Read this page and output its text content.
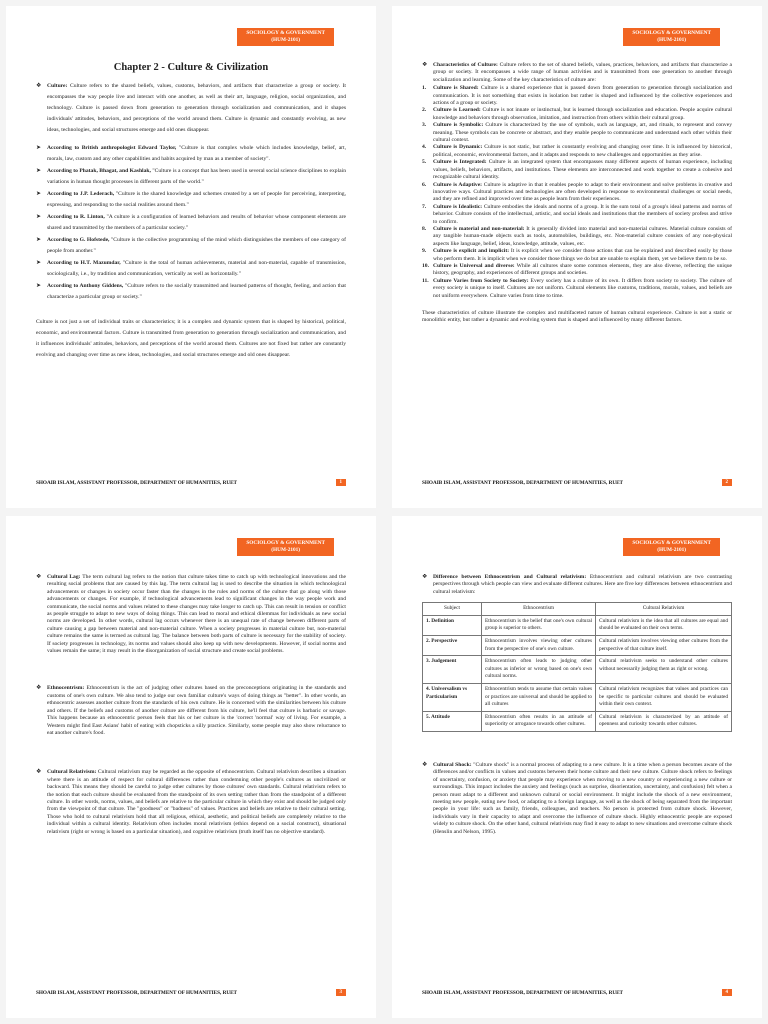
SOCIOLOGY & GOVERNMENT
(HUM-2101)
Chapter 2 - Culture & Civilization
❖ Culture: Culture refers to the shared beliefs, values, customs, behaviors, and artifacts that characterize a group or society. It encompasses the way people live and interact with one another, as well as their art, language, religion, social organization, and technology. Culture is passed down from generation to generation through socialization and communication, and it shapes individuals' attitudes, behaviors, and perceptions of the world around them. Culture is dynamic and constantly evolving, as new ideas, technologies, and social structures emerge and old ones disappear.
➤ According to British anthropologist Edward Taylor, "Culture is that complex whole which includes knowledge, belief, art, morals, law, custom and any other capabilities and habits acquired by man as a member of society".
➤ According to Phatak, Bhagat, and Kashlak, "Culture is a concept that has been used in several social science disciplines to explain variations in human thought processes in different parts of the world."
➤ According to J.P. Lederach, "Culture is the shared knowledge and schemes created by a set of people for perceiving, interpreting, expressing, and responding to the social realities around them."
➤ According to R. Linton, "A culture is a configuration of learned behaviors and results of behavior whose component elements are shared and transmitted by the members of a particular society."
➤ According to G. Hofstede, "Culture is the collective programming of the mind which distinguishes the members of one category of people from another."
➤ According to H.T. Mazumdar, "Culture is the total of human achievements, material and non-material, capable of transmission, sociologically, i.e., by tradition and communication, vertically as well as horizontally."
➤ According to Anthony Giddens, "Culture refers to the socially transmitted and learned patterns of thought, feeling, and action that characterize a particular group or society."

Culture is not just a set of individual traits or characteristics; it is a complex and dynamic system that is shaped by historical, political, economic, and environmental factors. Culture is transmitted from generation to generation through socialization and communication, and it influences individuals' attitudes, behaviors, and perceptions of the world around them. Cultures are not fixed but rather are constantly evolving and changing over time as new ideas, technologies, and social structures emerge and old ones disappear.

SHOAIB ISLAM, ASSISTANT PROFESSOR, DEPARTMENT OF HUMANITIES, RUET	1
SOCIOLOGY & GOVERNMENT
(HUM-2101)
❖ Characteristics of Culture: Culture refers to the set of shared beliefs, values, practices, behaviors, and artifacts that characterize a group or society. It encompasses a wide range of human activities and is transmitted from one generation to another through socialization and learning. Some of the key characteristics of culture are:
1. Culture is Shared: Culture is a shared experience that is passed down from generation to generation through socialization and communication. It is not something that exists in isolation but rather is shaped and influenced by the collective experiences and actions of a group or society.
2. Culture is Learned: Culture is not innate or instinctual, but is learned through socialization and education. People acquire cultural knowledge and behaviors through observation, imitation, and instruction from others within their cultural group.
3. Culture is Symbolic: Culture is characterized by the use of symbols, such as language, art, and rituals, to represent and convey meaning. These symbols can be concrete or abstract, and they enable people to communicate and understand each other within their cultural context.
4. Culture is Dynamic: Culture is not static, but rather is constantly evolving and changing over time. It is influenced by historical, political, economic, environmental factors, and it adapts and responds to new challenges and opportunities as they arise.
5. Culture is Integrated: Culture is an integrated system that encompasses many different aspects of human experience, including values, beliefs, behaviors, artifacts, and institutions. These elements are interconnected and work together to create a cohesive and recognizable cultural identity.
6. Culture is Adaptive: Culture is adaptive in that it enables people to adapt to their environment and solve problems in creative and innovative ways. Cultural practices and technologies are often developed in response to environmental challenges or social needs, and they are refined and improved over time as people learn from their experiences.
7. Culture is Idealistic: Culture embodies the ideals and norms of a group. It is the sum total of a group's ideal patterns and norms of behavior. Culture consists of the intellectual, artistic, and social ideals and institutions that the members of society profess and strive to confirm.
8. Culture is material and non-material: It is generally divided into material and non-material cultures. Material culture consists of any tangible human-made objects such as tools, automobiles, buildings, etc. Non-material culture consists of any non-physical aspects like language, belief, ideas, knowledge, attitude, values, etc.
9. Culture is explicit and implicit: It is explicit when we consider those actions that can be explained and described easily by those who perform them. It is implicit when we consider those things we do but are unable to explain them, yet we believe them to be so.
10. Culture is Universal and diverse: While all cultures share some common elements, they are also diverse, reflecting the unique history, geography, and experiences of different groups and societies.
11. Culture Varies from Society to Society: Every society has a culture of its own. It differs from society to society. The culture of every society is unique to itself. Cultures are not uniform. Cultural elements like customs, traditions, morals, values, and beliefs are not uniform everywhere. Culture varies from time to time.

These characteristics of culture illustrate the complex and multifaceted nature of human cultural experience. Culture is not a static or monolithic entity, but rather a dynamic and evolving system that is shaped and influenced by many different factors.

SHOAIB ISLAM, ASSISTANT PROFESSOR, DEPARTMENT OF HUMANITIES, RUET	2
SOCIOLOGY & GOVERNMENT
(HUM-2101)
❖ Cultural Lag: The term cultural lag refers to the notion that culture takes time to catch up with technological innovations and the resulting social problems that are caused by this lag. The term cultural lag is used to describe the situation in which technological advancements or changes in society occur faster than the changes in the rules and norms of the culture that go along with those advancements or changes. For example, if technological advancements lead to significant changes in the way people work and communicate, the social norms and values related to these changes may take longer to catch up. This can result in tension or conflict as people struggle to adapt to new ways of doing things. This can lead to moral and ethical dilemmas for individuals as new social norms are developed. In other words, cultural lag occurs whenever there is an unequal rate of change between different parts of culture causing a gap between material and non-material culture. When a society progresses in material culture but, non-material culture remains the same is termed as cultural lag. The balance between both parts of culture is necessary for the stability of society. If society progresses in technology, its norms and values should also keep up with new developments. However, if social norms and values remain the same; it may result in the disorganization of social structure and create social problems.
❖ Ethnocentrism: Ethnocentrism is the act of judging other cultures based on the preconceptions originating in the standards and customs of one's own culture. We also tend to judge our own familiar culture's ways of doing things as "better". In other words, an ethnocentric assesses another culture from the standards of his own culture. He is concerned with the similarities between his culture and others. If the beliefs and customs of another culture are different from his culture, he'll feel that culture is barbaric or savage. This happens because an ethnocentric person feels that his or her culture is the 'correct 'normal' way of living. For example, a Western might find East Asians' habit of eating with chopsticks a silly practice. Similarly, some people may also show reluctance to eat another culture's food.
❖ Cultural Relativism: Cultural relativism may be regarded as the opposite of ethnocentrism. Cultural relativism describes a situation where there is an attitude of respect for cultural differences rather than condemning other people's cultures as uncivilized or backward. This means they should be careful to judge other cultures by those cultures' own standards. Cultural relativism refers to the notion that each culture should be evaluated from the standpoint of its own setting rather than from the standpoint of a different culture. In other words, norms, values, and beliefs are relative to the particular culture in which they exist and should be judged only from the viewpoint of that culture. The "goodness" or "badness" of values. Practices and beliefs are relative to their cultural setting. Those who hold to cultural relativism hold that all religious, ethical, aesthetic, and political beliefs are completely relative to the individual within a cultural identity. Relativism often includes moral relativism (ethics depend on a social construct), situational relativism (right or wrong is based on a particular situation), and cognitive relativism (truth itself has no objective standard).
SHOAIB ISLAM, ASSISTANT PROFESSOR, DEPARTMENT OF HUMANITIES, RUET	3
SOCIOLOGY & GOVERNMENT
(HUM-2101)
❖ Difference between Ethnocentrism and Cultural relativism: Ethnocentrism and cultural relativism are two contrasting perspectives through which people can view and evaluate different cultures. Here are five key differences between ethnocentrism and cultural relativism:
Subject	Ethnocentrism	Cultural Relativism
1. Definition	Ethnocentrism is the belief that one's own cultural group is superior to others.	Cultural relativism is the idea that all cultures are equal and should be evaluated on their own terms.
2. Perspective	Ethnocentrism involves viewing other cultures from the perspective of one's own culture.	Cultural relativism involves viewing other cultures from the perspective of that culture itself.
3. Judgement	Ethnocentrism often leads to judging other cultures as inferior or wrong based on one's own cultural norms.	Cultural relativism seeks to understand other cultures without necessarily judging them as right or wrong.
4. Universalism vs Particularism	Ethnocentrism tends to assume that certain values or practices are universal and should be applied to all cultures	Cultural relativism recognizes that values and practices can be specific to particular cultures and should be evaluated within their own context.
5. Attitude	Ethnocentrism often results in an attitude of superiority or arrogance towards other cultures.	Cultural relativism is characterized by an attitude of openness and curiosity towards other cultures.
❖ Cultural Shock: "Culture shock" is a normal process of adapting to a new culture. It is a time when a person becomes aware of the differences and/or conflicts in values and customs between their home culture and their new culture. Culture shock refers to feelings of uncertainty, confusion, or anxiety that people may experience when moving to a new country or experiencing a new culture or surroundings. This impact includes the anxiety and feelings (such as surprise, disorientation, uncertainty, and confusion) felt when a person must adapt to a different and unknown cultural or social environment. It might include the shock of a new environment, meeting new people, eating new food, or adapting to a foreign language, as well as the shock of being separated from the important people in your life: such as family, friends, colleagues, and teachers. No person is protected from culture shock. However, individuals vary in their capacity to adapt and overcome the influence of culture shock. Highly ethnocentric people are exposed widely to culture shock. On the other hand, cultural relativists may find it easy to adapt to new situations and overcome culture shock (Henslin and Nelson, 1995).
SHOAIB ISLAM, ASSISTANT PROFESSOR, DEPARTMENT OF HUMANITIES, RUET	4
